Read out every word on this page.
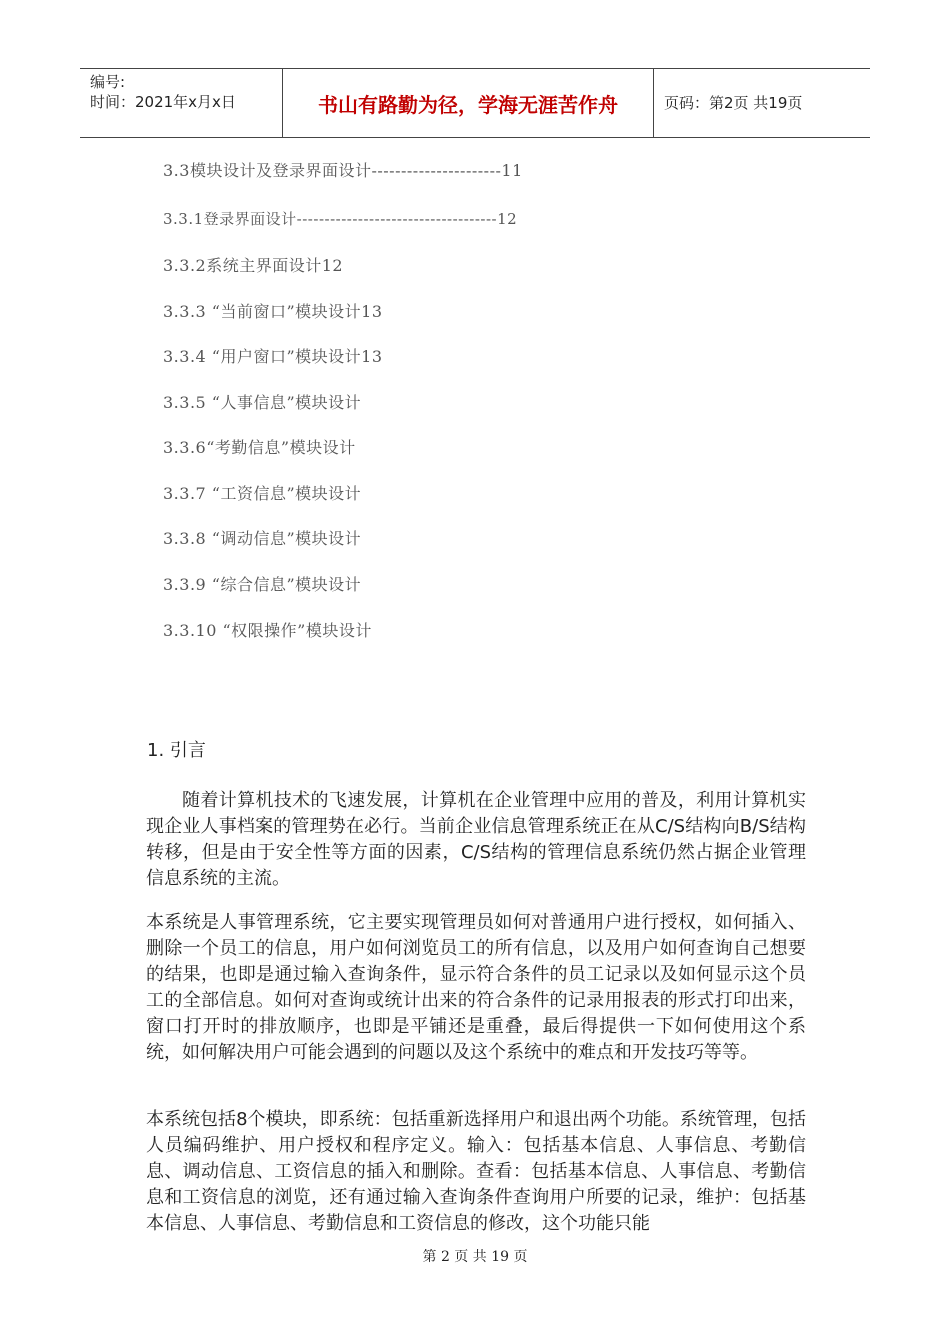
编号:
时间：2021年x月x日	书山有路勤为径，学海无涯苦作舟	页码：第2页 共19页
3.3模块设计及登录界面设计----------------------11
3.3.1登录界面设计------------------------------------12
3.3.2系统主界面设计12
3.3.3 “当前窗口”模块设计13
3.3.4 “用户窗口”模块设计13
3.3.5 “人事信息”模块设计
3.3.6“考勤信息”模块设计
3.3.7 “工资信息”模块设计
3.3.8 “调动信息”模块设计
3.3.9 “综合信息”模块设计
3.3.10 “权限操作”模块设计
1. 引言
随着计算机技术的飞速发展，计算机在企业管理中应用的普及，利用计算机实现企业人事档案的管理势在必行。当前企业信息管理系统正在从C/S结构向B/S结构转移，但是由于安全性等方面的因素，C/S结构的管理信息系统仍然占据企业管理信息系统的主流。
本系统是人事管理系统，它主要实现管理员如何对普通用户进行授权，如何插入、删除一个员工的信息，用户如何浏览员工的所有信息，以及用户如何查询自己想要的结果，也即是通过输入查询条件，显示符合条件的员工记录以及如何显示这个员工的全部信息。如何对查询或统计出来的符合条件的记录用报表的形式打印出来，窗口打开时的排放顺序，也即是平铺还是重叠，最后得提供一下如何使用这个系统，如何解决用户可能会遇到的问题以及这个系统中的难点和开发技巧等等。
本系统包括8个模块，即系统：包括重新选择用户和退出两个功能。系统管理，包括人员编码维护、用户授权和程序定义。输入：包括基本信息、人事信息、考勤信息、调动信息、工资信息的插入和删除。查看：包括基本信息、人事信息、考勤信息和工资信息的浏览，还有通过输入查询条件查询用户所要的记录，维护：包括基本信息、人事信息、考勤信息和工资信息的修改，这个功能只能
第 2 页 共 19 页
